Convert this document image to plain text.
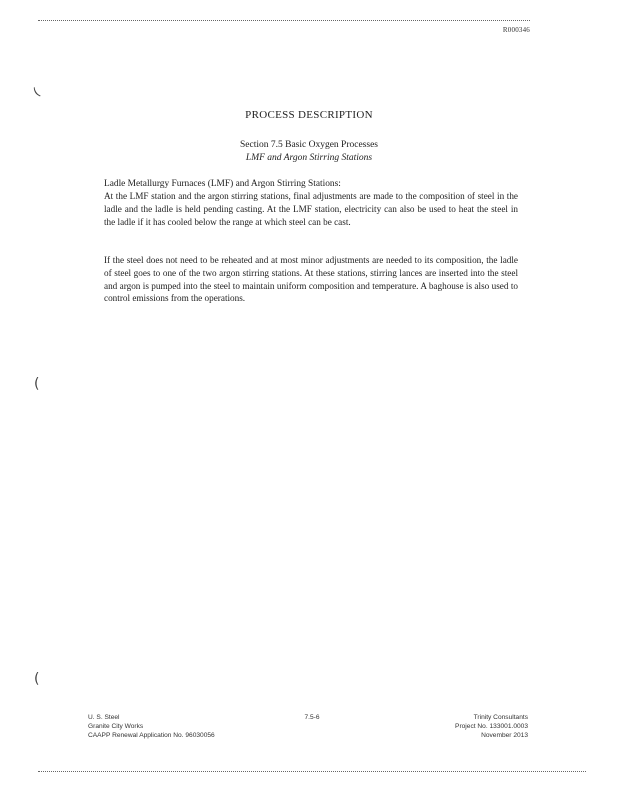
R000346
(
(
(
PROCESS DESCRIPTION
Section 7.5 Basic Oxygen Processes
LMF and Argon Stirring Stations
Ladle Metallurgy Furnaces (LMF) and Argon Stirring Stations:
At the LMF station and the argon stirring stations, final adjustments are made to the composition of steel in the ladle and the ladle is held pending casting. At the LMF station, electricity can also be used to heat the steel in the ladle if it has cooled below the range at which steel can be cast.
If the steel does not need to be reheated and at most minor adjustments are needed to its composition, the ladle of steel goes to one of the two argon stirring stations. At these stations, stirring lances are inserted into the steel and argon is pumped into the steel to maintain uniform composition and temperature. A baghouse is also used to control emissions from the operations.
U. S. Steel
Granite City Works
CAAPP Renewal Application No. 96030056
7.5-6	Trinity Consultants
Project No. 133001.0003
November 2013
